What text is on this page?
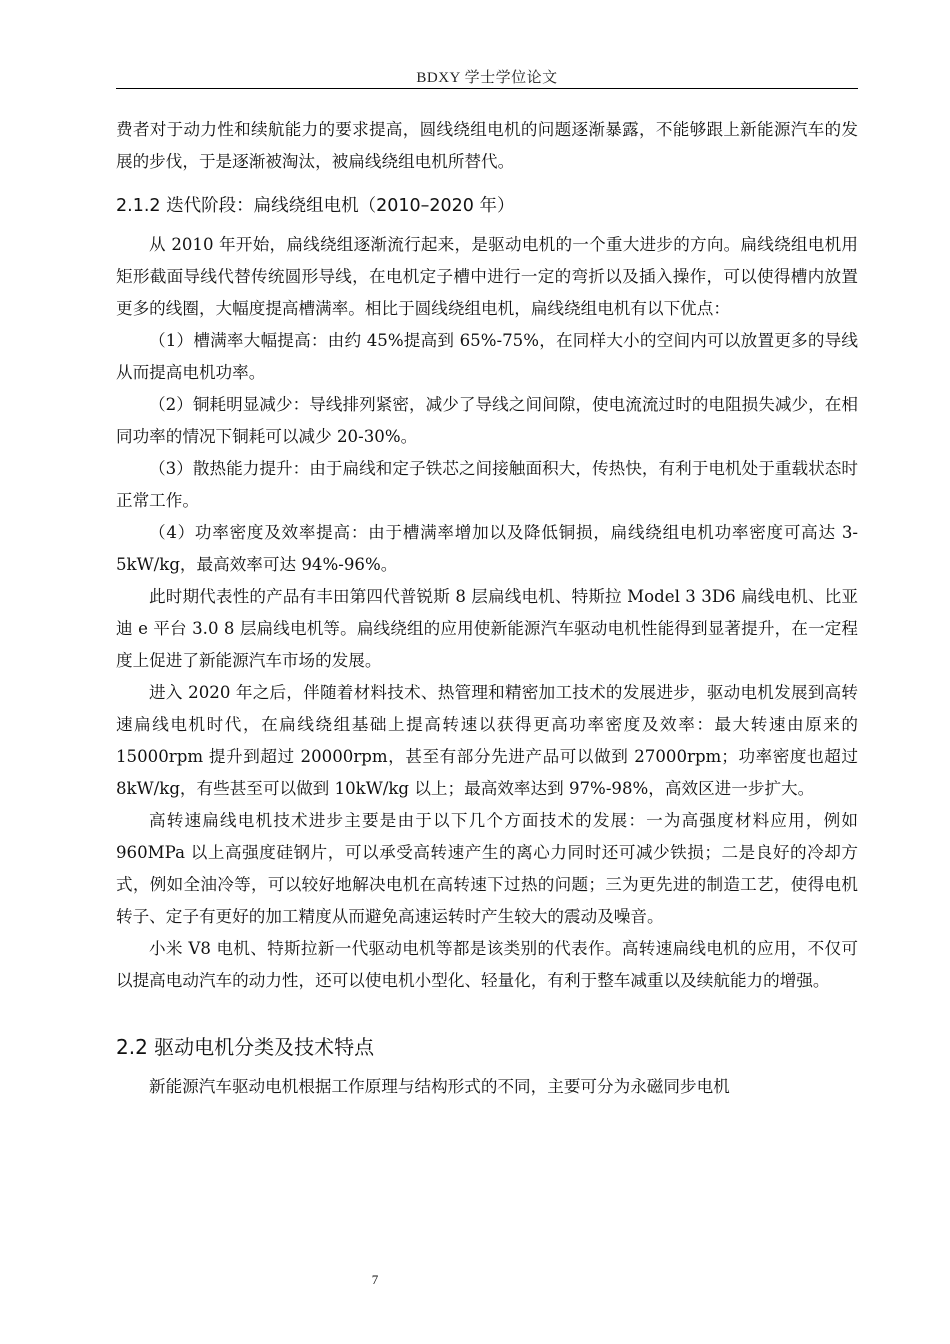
BDXY 学士学位论文

费者对于动力性和续航能力的要求提高，圆线绕组电机的问题逐渐暴露，不能够跟上新能源汽车的发展的步伐，于是逐渐被淘汰，被扁线绕组电机所替代。

2.1.2 迭代阶段：扁线绕组电机（2010–2020 年）

从 2010 年开始，扁线绕组逐渐流行起来，是驱动电机的一个重大进步的方向。扁线绕组电机用矩形截面导线代替传统圆形导线，在电机定子槽中进行一定的弯折以及插入操作，可以使得槽内放置更多的线圈，大幅度提高槽满率。相比于圆线绕组电机，扁线绕组电机有以下优点：

（1）槽满率大幅提高：由约 45%提高到 65%-75%，在同样大小的空间内可以放置更多的导线从而提高电机功率。

（2）铜耗明显减少：导线排列紧密，减少了导线之间间隙，使电流流过时的电阻损失减少，在相同功率的情况下铜耗可以减少 20-30%。

（3）散热能力提升：由于扁线和定子铁芯之间接触面积大，传热快，有利于电机处于重载状态时正常工作。

（4）功率密度及效率提高：由于槽满率增加以及降低铜损，扁线绕组电机功率密度可高达 3-5kW/kg，最高效率可达 94%-96%。

此时期代表性的产品有丰田第四代普锐斯 8 层扁线电机、特斯拉 Model 3 3D6 扁线电机、比亚迪 e 平台 3.0 8 层扁线电机等。扁线绕组的应用使新能源汽车驱动电机性能得到显著提升，在一定程度上促进了新能源汽车市场的发展。

进入 2020 年之后，伴随着材料技术、热管理和精密加工技术的发展进步，驱动电机发展到高转速扁线电机时代，在扁线绕组基础上提高转速以获得更高功率密度及效率：最大转速由原来的 15000rpm 提升到超过 20000rpm，甚至有部分先进产品可以做到 27000rpm；功率密度也超过 8kW/kg，有些甚至可以做到 10kW/kg 以上；最高效率达到 97%-98%，高效区进一步扩大。

高转速扁线电机技术进步主要是由于以下几个方面技术的发展：一为高强度材料应用，例如 960MPa 以上高强度硅钢片，可以承受高转速产生的离心力同时还可减少铁损；二是良好的冷却方式，例如全油冷等，可以较好地解决电机在高转速下过热的问题；三为更先进的制造工艺，使得电机转子、定子有更好的加工精度从而避免高速运转时产生较大的震动及噪音。

小米 V8 电机、特斯拉新一代驱动电机等都是该类别的代表作。高转速扁线电机的应用，不仅可以提高电动汽车的动力性，还可以使电机小型化、轻量化，有利于整车减重以及续航能力的增强。

2.2 驱动电机分类及技术特点

新能源汽车驱动电机根据工作原理与结构形式的不同，主要可分为永磁同步电机

7
